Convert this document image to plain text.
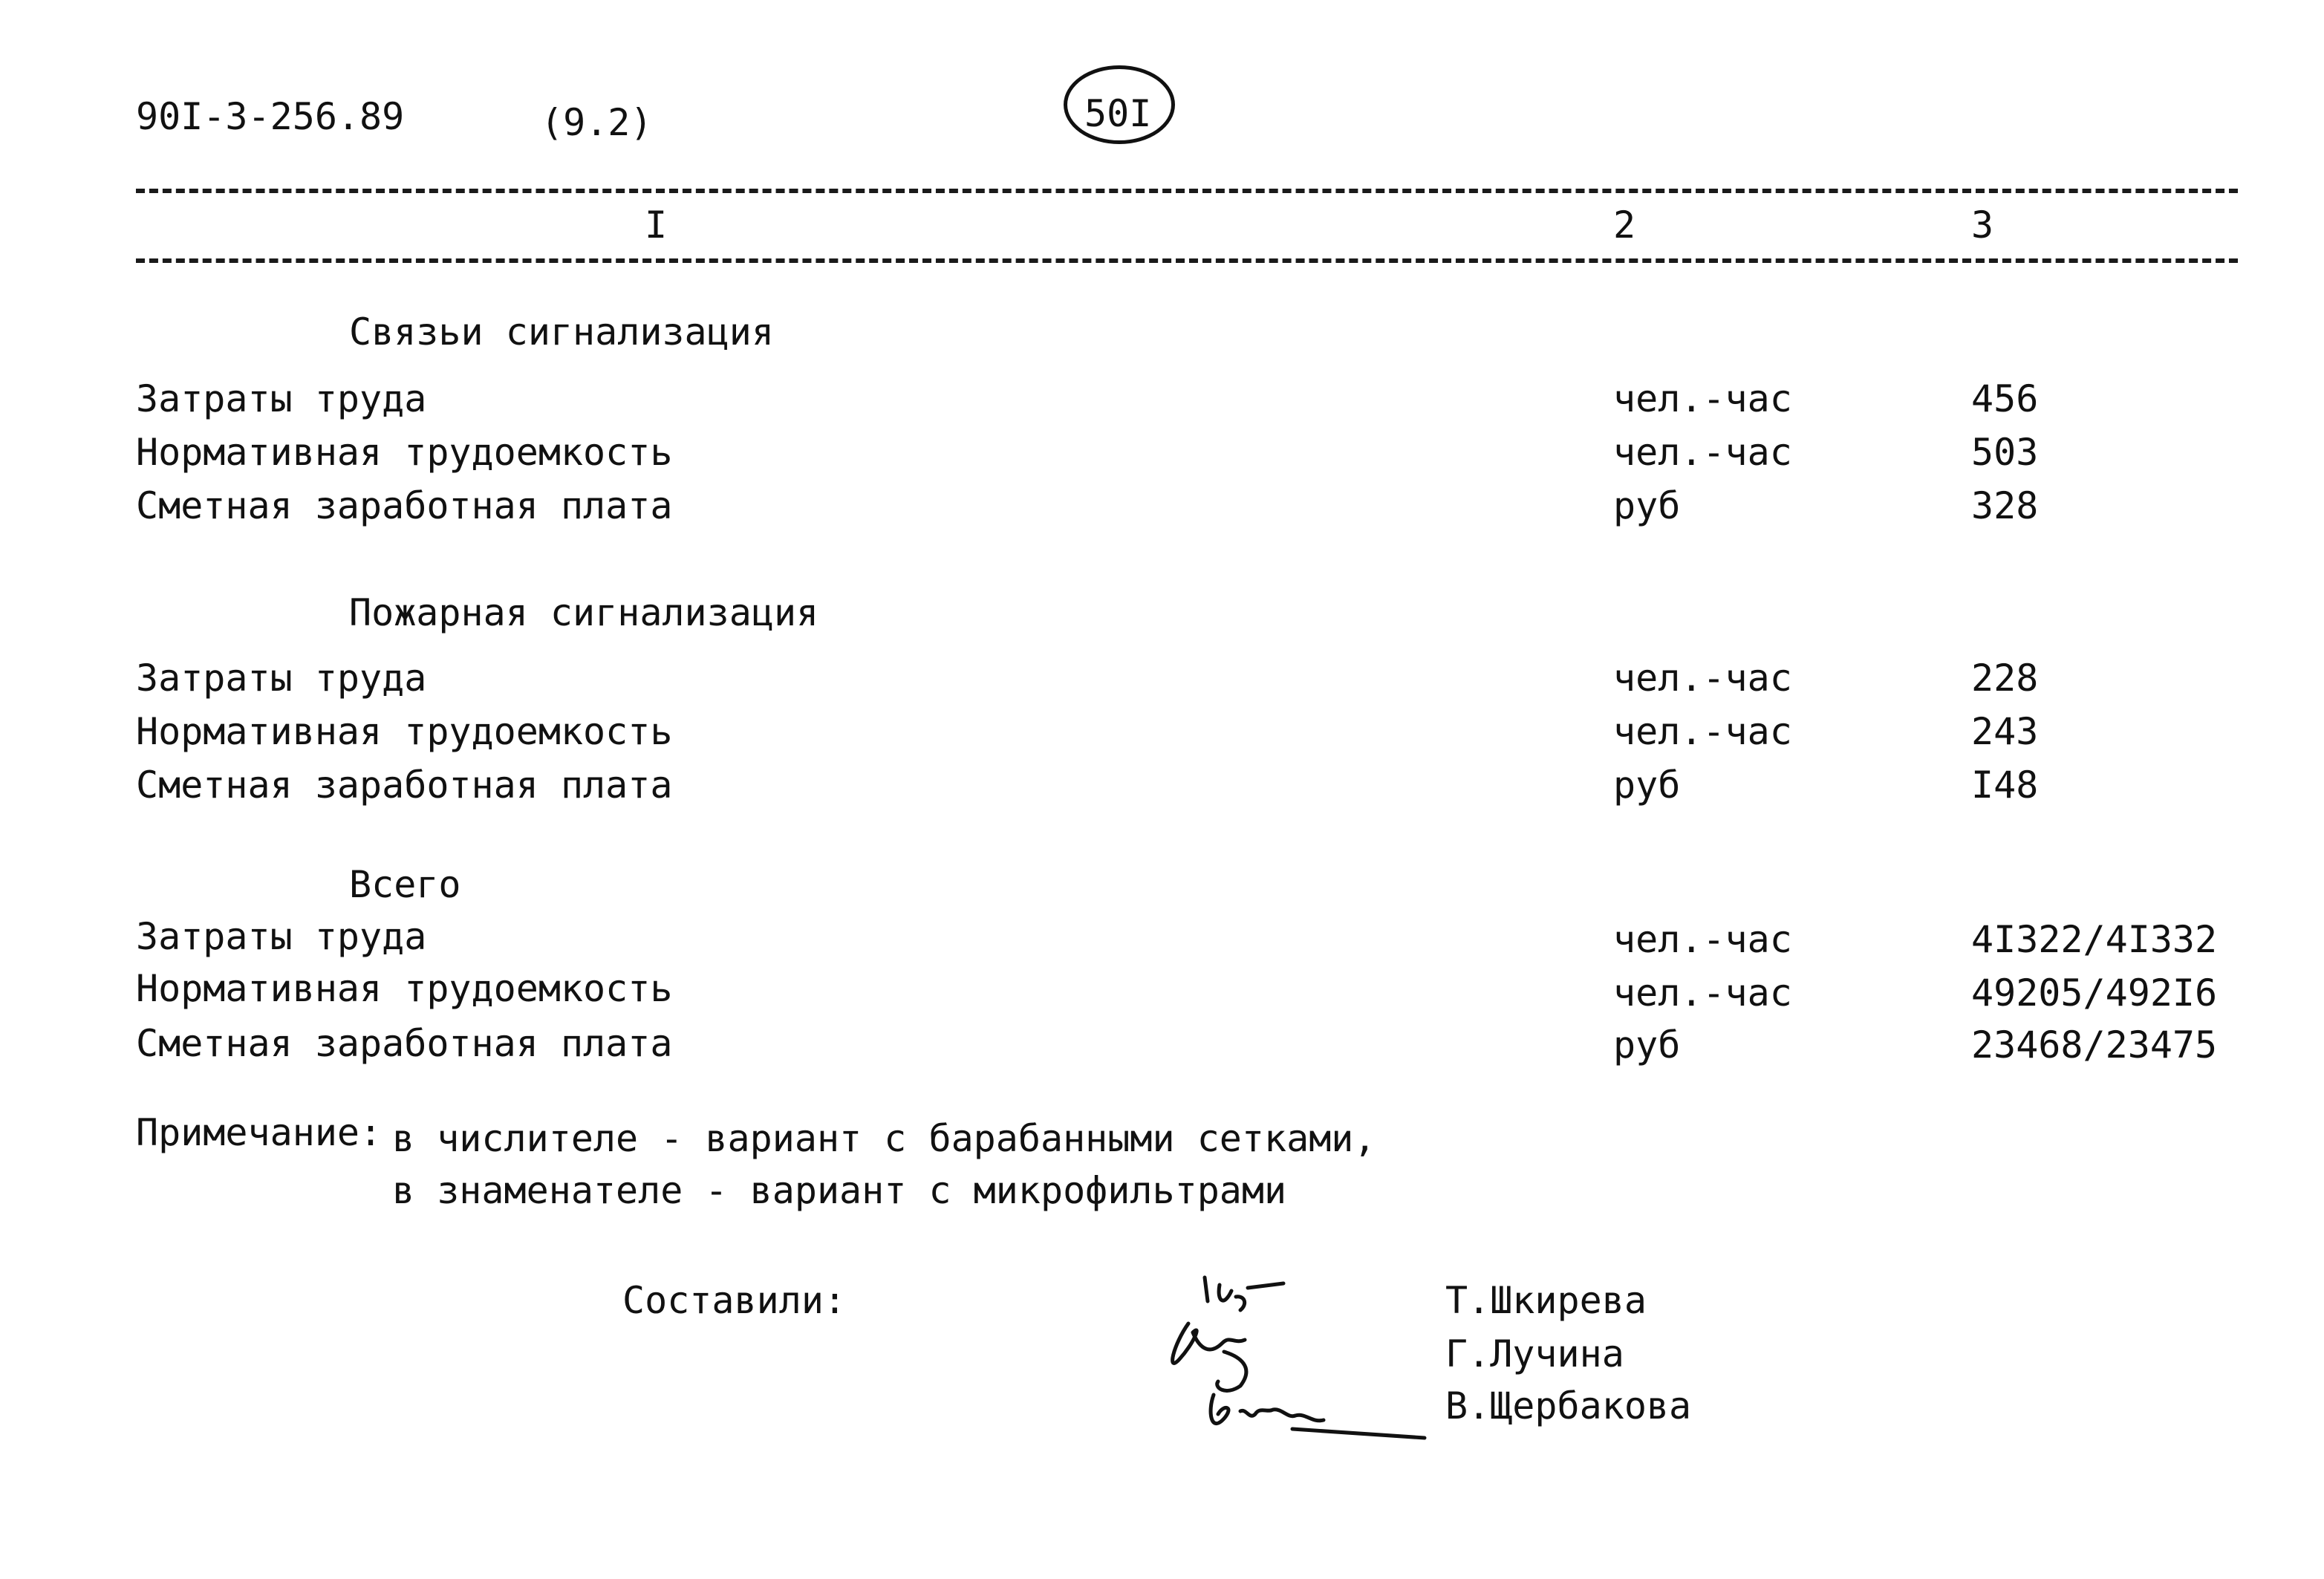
90I-3-256.89	(9.2)	50I
I	2	3
Связьи сигнализация
Затраты труда	чел.-час	456
Нормативная трудоемкость	чел.-час	503
Сметная заработная плата	руб	328
Пожарная сигнализация
Затраты труда	чел.-час	228
Нормативная трудоемкость	чел.-час	243
Сметная заработная плата	руб	I48
Всего
Затраты труда	чел.-час	4I322/4I332
Нормативная трудоемкость	чел.-час	49205/492I6
Сметная заработная плата	руб	23468/23475
Примечание: в числителе - вариант с барабанными сетками,
в знаменателе - вариант с микрофильтрами
Составили:	Т.Шкирева
Г.Лучина
В.Щербакова
